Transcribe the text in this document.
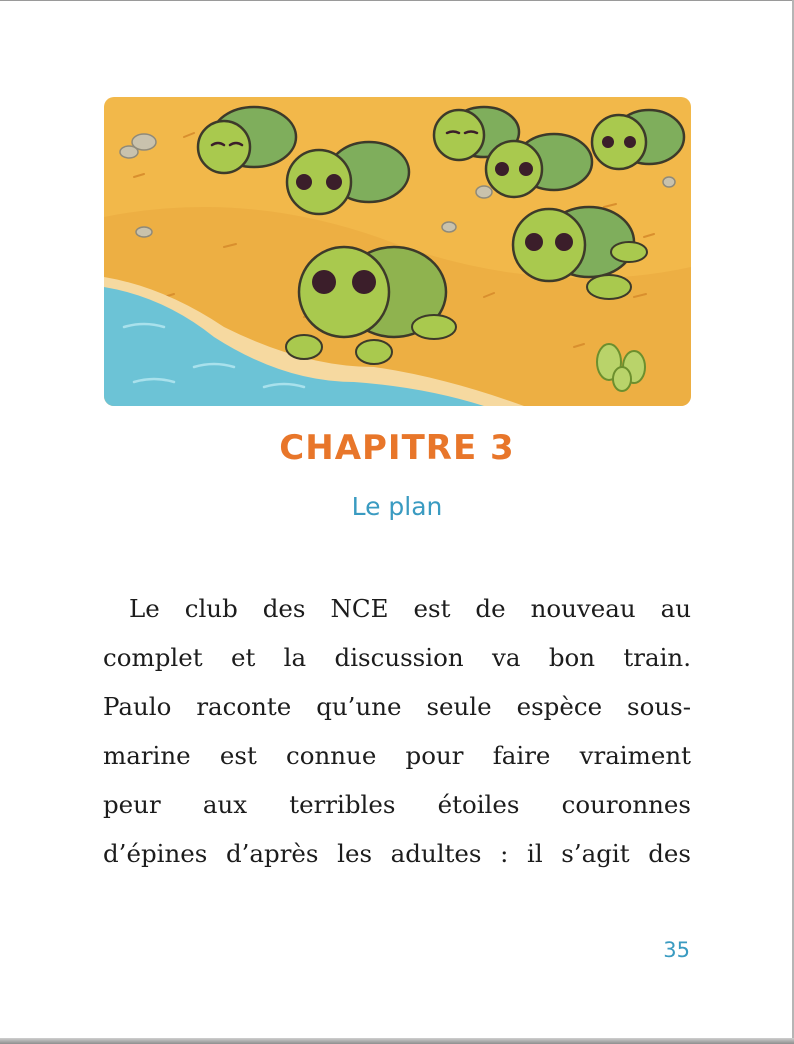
CHAPITRE 3
Le plan
Le club des NCE est de nouveau au
complet et la discussion va bon train.
Paulo raconte qu’une seule espèce sous-
marine est connue pour faire vraiment
peur aux terribles étoiles couronnes
d’épines d’après les adultes : il s’agit des
35
